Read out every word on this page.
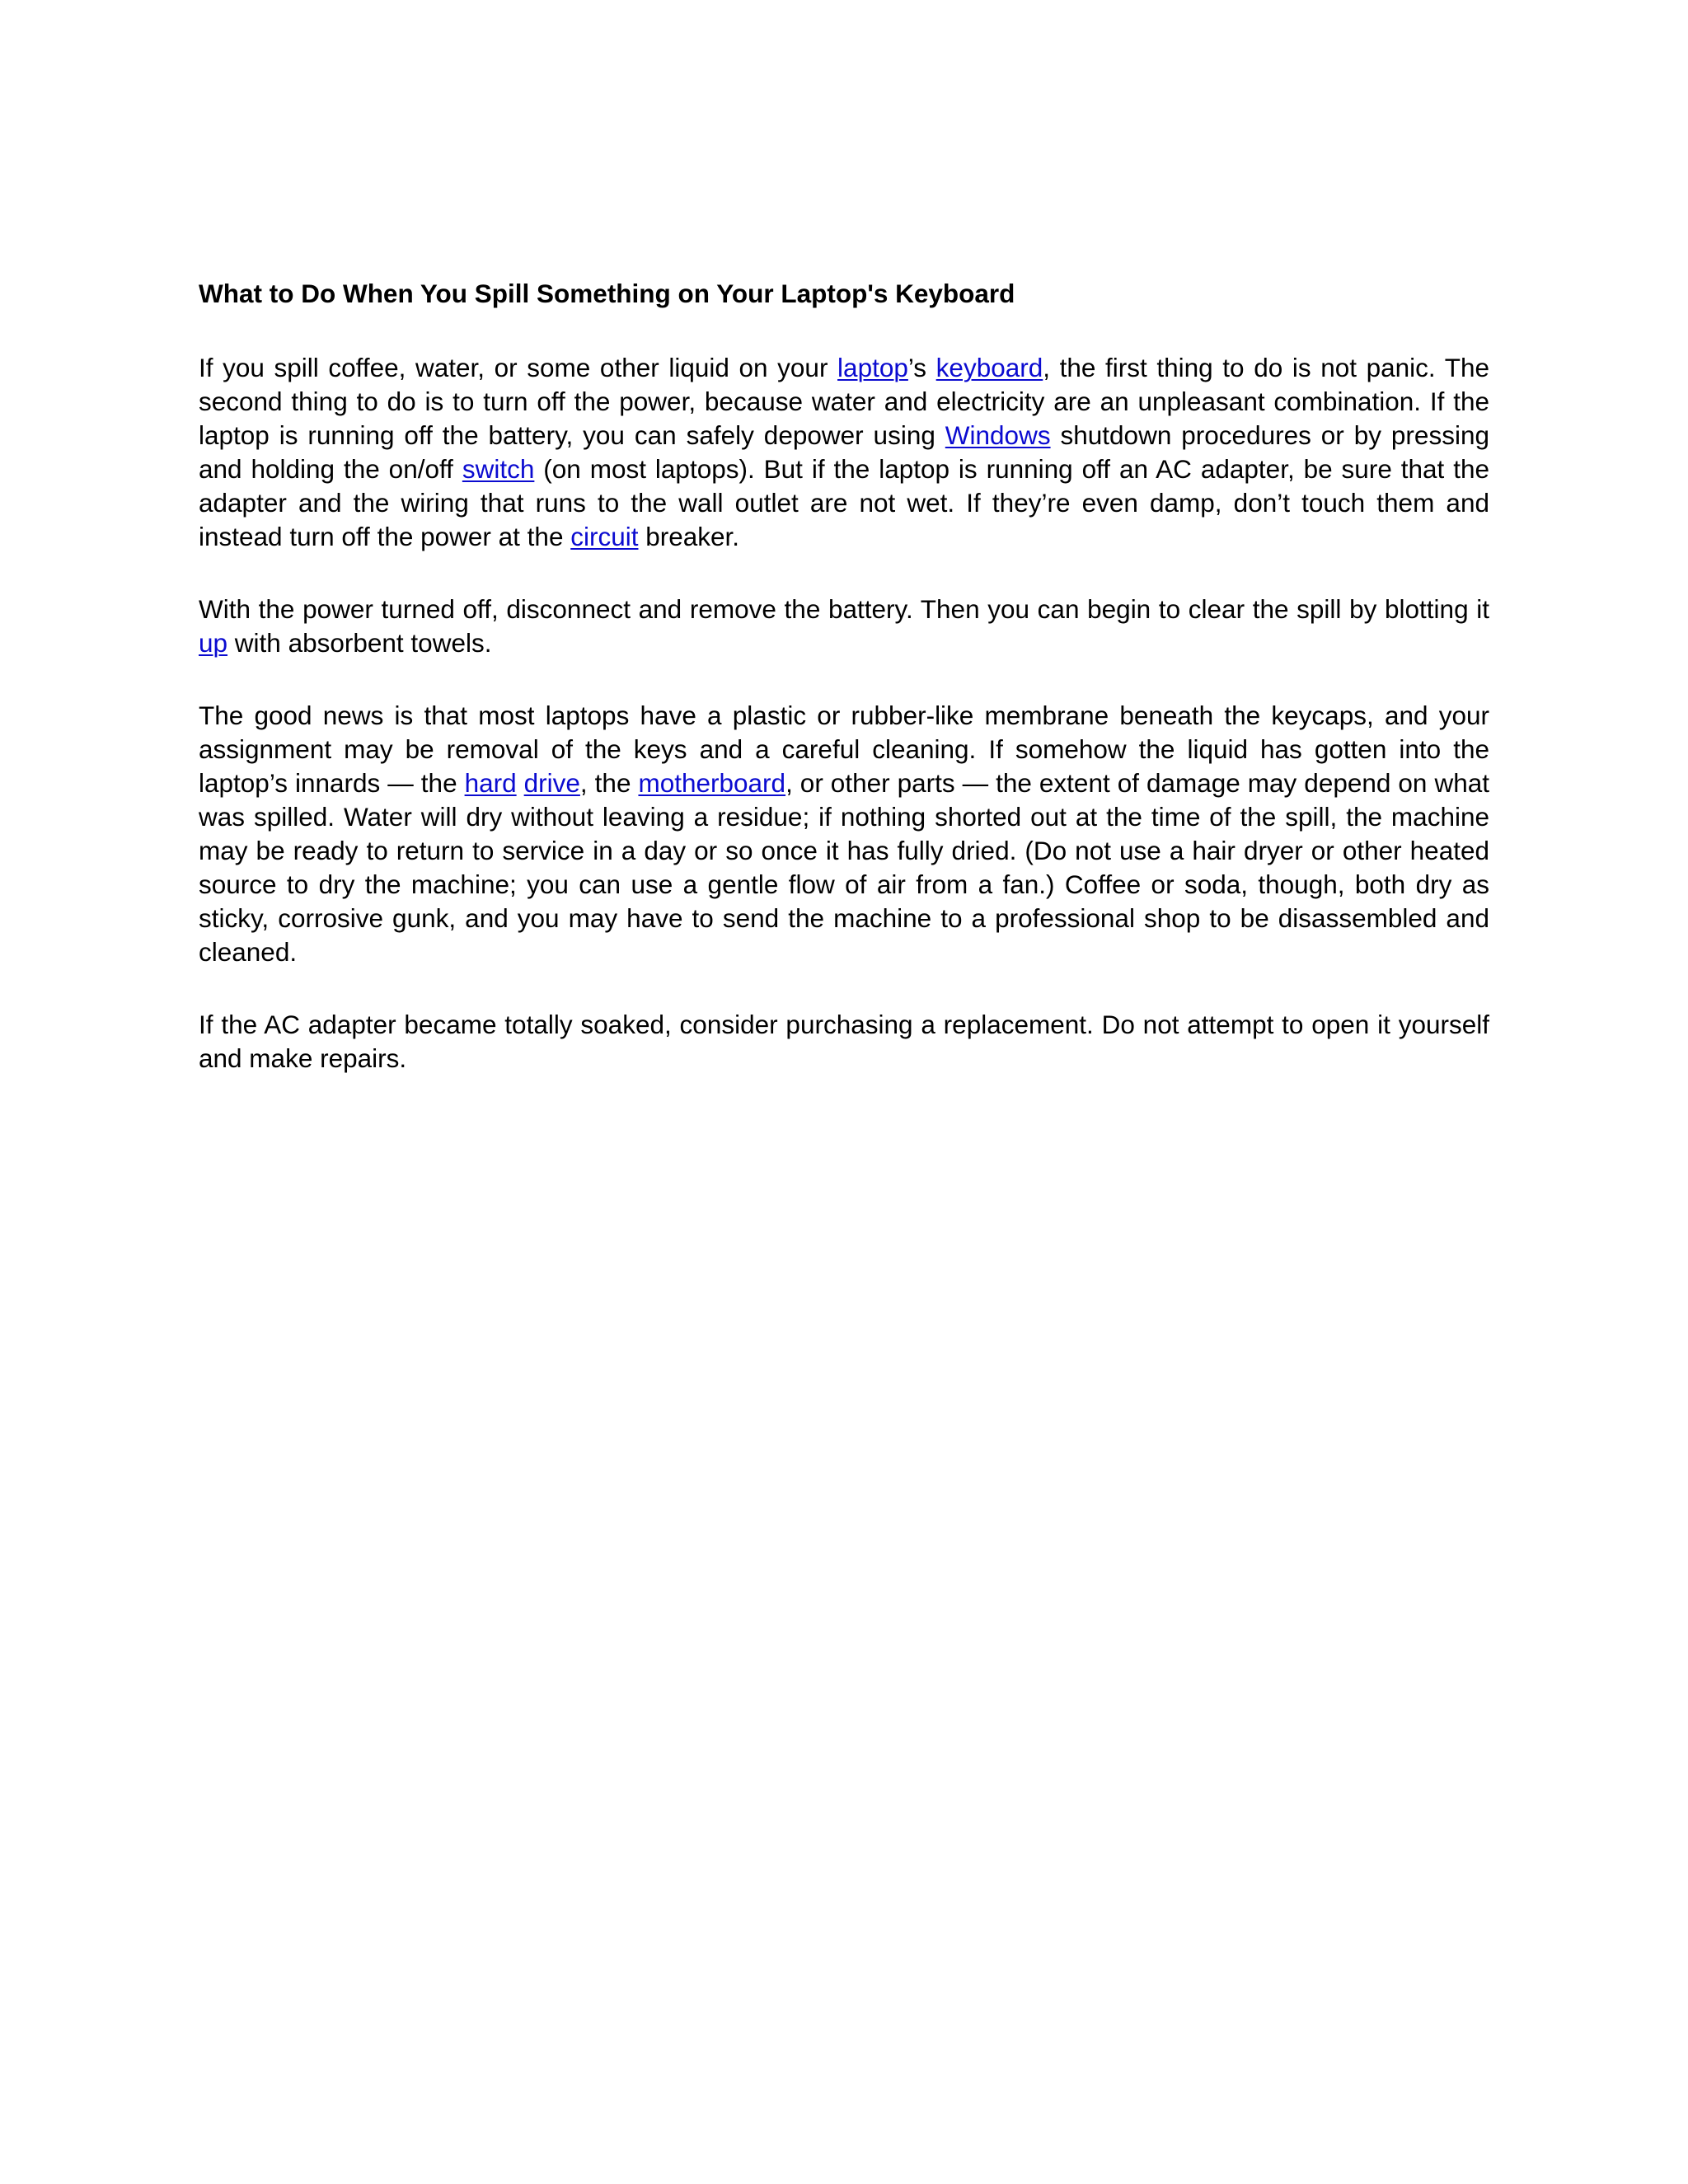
What to Do When You Spill Something on Your Laptop's Keyboard

If you spill coffee, water, or some other liquid on your laptop’s keyboard, the first thing to do is not panic. The second thing to do is to turn off the power, because water and electricity are an unpleasant combination. If the laptop is running off the battery, you can safely depower using Windows shutdown procedures or by pressing and holding the on/off switch (on most laptops). But if the laptop is running off an AC adapter, be sure that the adapter and the wiring that runs to the wall outlet are not wet. If they’re even damp, don’t touch them and instead turn off the power at the circuit breaker.

With the power turned off, disconnect and remove the battery. Then you can begin to clear the spill by blotting it up with absorbent towels.

The good news is that most laptops have a plastic or rubber-like membrane beneath the keycaps, and your assignment may be removal of the keys and a careful cleaning. If somehow the liquid has gotten into the laptop’s innards — the hard drive, the motherboard, or other parts — the extent of damage may depend on what was spilled. Water will dry without leaving a residue; if nothing shorted out at the time of the spill, the machine may be ready to return to service in a day or so once it has fully dried. (Do not use a hair dryer or other heated source to dry the machine; you can use a gentle flow of air from a fan.) Coffee or soda, though, both dry as sticky, corrosive gunk, and you may have to send the machine to a professional shop to be disassembled and cleaned.

If the AC adapter became totally soaked, consider purchasing a replacement. Do not attempt to open it yourself and make repairs.
